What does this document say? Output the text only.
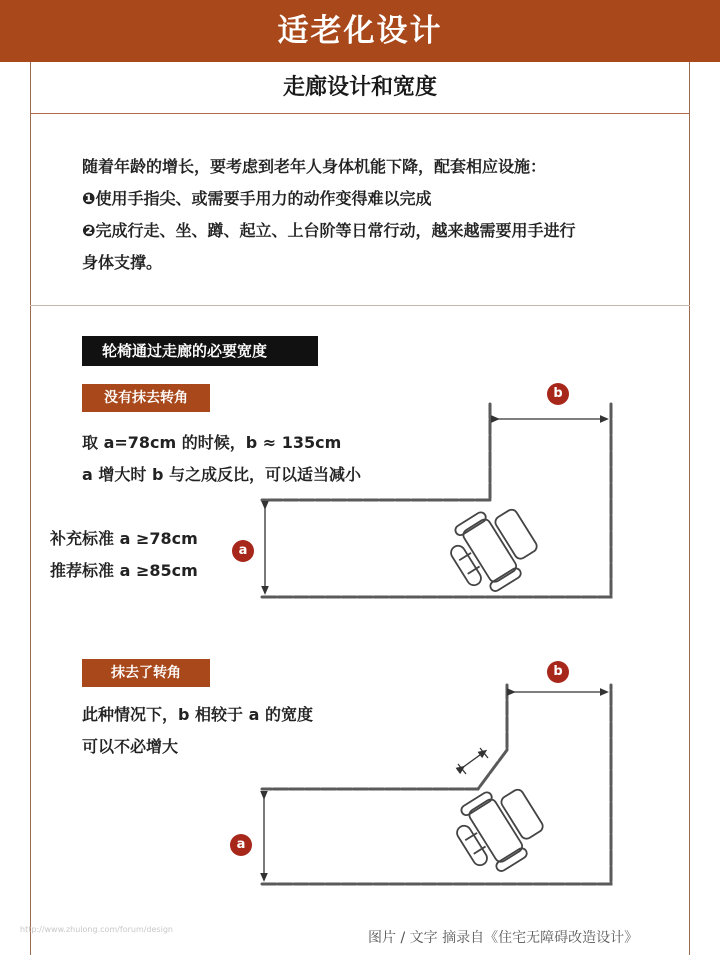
适老化设计
走廊设计和宽度

随着年龄的增长，要考虑到老年人身体机能下降，配套相应设施：

❶使用手指尖、或需要手用力的动作变得难以完成

❷完成行走、坐、蹲、起立、上台阶等日常行动，越来越需要用手进行

身体支撑。

轮椅通过走廊的必要宽度
没有抹去转角

取 a=78cm 的时候，b ≈ 135cm

a 增大时 b 与之成反比，可以适当减小

补充标准 a ≥78cm

推荐标准 a ≥85cm

抹去了转角

此种情况下，b 相较于 a 的宽度

可以不必增大

b
a
b
a
http://www.zhulong.com/forum/design
图片 / 文字 摘录自《住宅无障碍改造设计》
